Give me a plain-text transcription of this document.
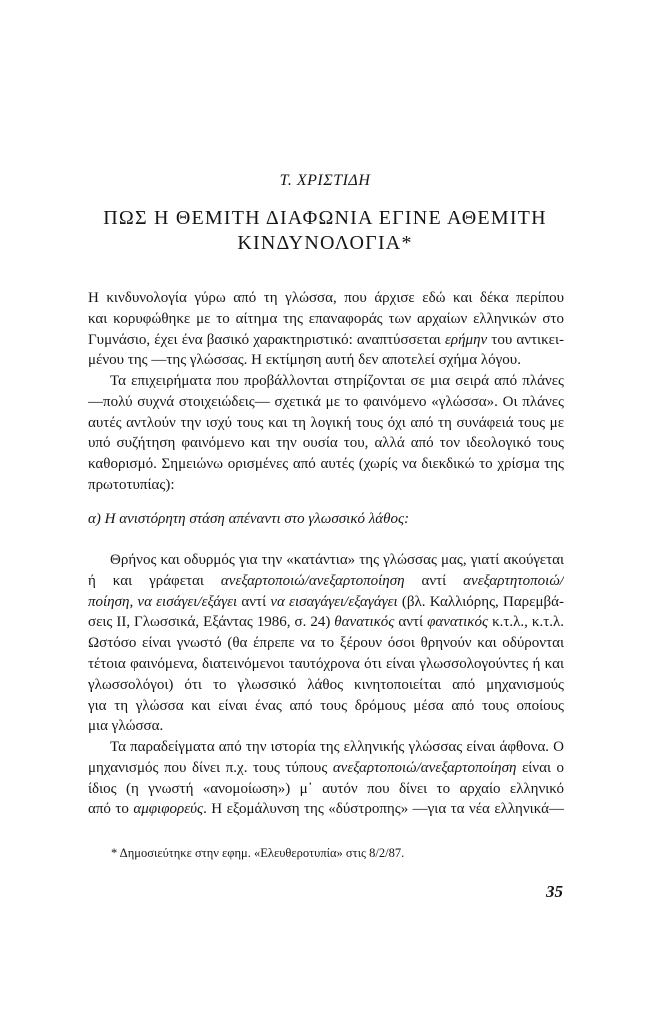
Τ. ΧΡΙΣΤΙΔΗ
ΠΩΣ Η ΘΕΜΙΤΗ ΔΙΑΦΩΝΙΑ ΕΓΙΝΕ ΑΘΕΜΙΤΗ
ΚΙΝΔΥΝΟΛΟΓΙΑ*
Η κινδυνολογία γύρω από τη γλώσσα, που άρχισε εδώ και δέκα περίπου
και κορυφώθηκε με το αίτημα της επαναφοράς των αρχαίων ελληνικών στο
Γυμνάσιο, έχει ένα βασικό χαρακτηριστικό: αναπτύσσεται ερήμην του αντικει-
μένου της —της γλώσσας. Η εκτίμηση αυτή δεν αποτελεί σχήμα λόγου.
Τα επιχειρήματα που προβάλλονται στηρίζονται σε μια σειρά από πλάνες
—πολύ συχνά στοιχειώδεις— σχετικά με το φαινόμενο «γλώσσα». Οι πλάνες
αυτές αντλούν την ισχύ τους και τη λογική τους όχι από τη συνάφειά τους με
υπό συζήτηση φαινόμενο και την ουσία του, αλλά από τον ιδεολογικό τους
καθορισμό. Σημειώνω ορισμένες από αυτές (χωρίς να διεκδικώ το χρίσμα της
πρωτοτυπίας):
α) Η ανιστόρητη στάση απέναντι στο γλωσσικό λάθος:
Θρήνος και οδυρμός για την «κατάντια» της γλώσσας μας, γιατί ακούγεται
ή και γράφεται ανεξαρτοποιώ/ανεξαρτοποίηση αντί ανεξαρτητοποιώ/
ποίηση, να εισάγει/εξάγει αντί να εισαγάγει/εξαγάγει (βλ. Καλλιόρης, Παρεμβά-
σεις ΙΙ, Γλωσσικά, Εξάντας 1986, σ. 24) θανατικός αντί φανατικός κ.τ.λ., κ.τ.λ.
Ωστόσο είναι γνωστό (θα έπρεπε να το ξέρουν όσοι θρηνούν και οδύρονται
τέτοια φαινόμενα, διατεινόμενοι ταυτόχρονα ότι είναι γλωσσολογούντες ή και
γλωσσολόγοι) ότι το γλωσσικό λάθος κινητοποιείται από μηχανισμούς
για τη γλώσσα και είναι ένας από τους δρόμους μέσα από τους οποίους
μια γλώσσα.
Τα παραδείγματα από την ιστορία της ελληνικής γλώσσας είναι άφθονα. Ο
μηχανισμός που δίνει π.χ. τους τύπους ανεξαρτοποιώ/ανεξαρτοποίηση είναι ο
ίδιος (η γνωστή «ανομοίωση») μ᾽ αυτόν που δίνει το αρχαίο ελληνικό
από το αμφιφορεύς. Η εξομάλυνση της «δύστροπης» —για τα νέα ελληνικά—
* Δημοσιεύτηκε στην εφημ. «Ελευθεροτυπία» στις 8/2/87.
35
